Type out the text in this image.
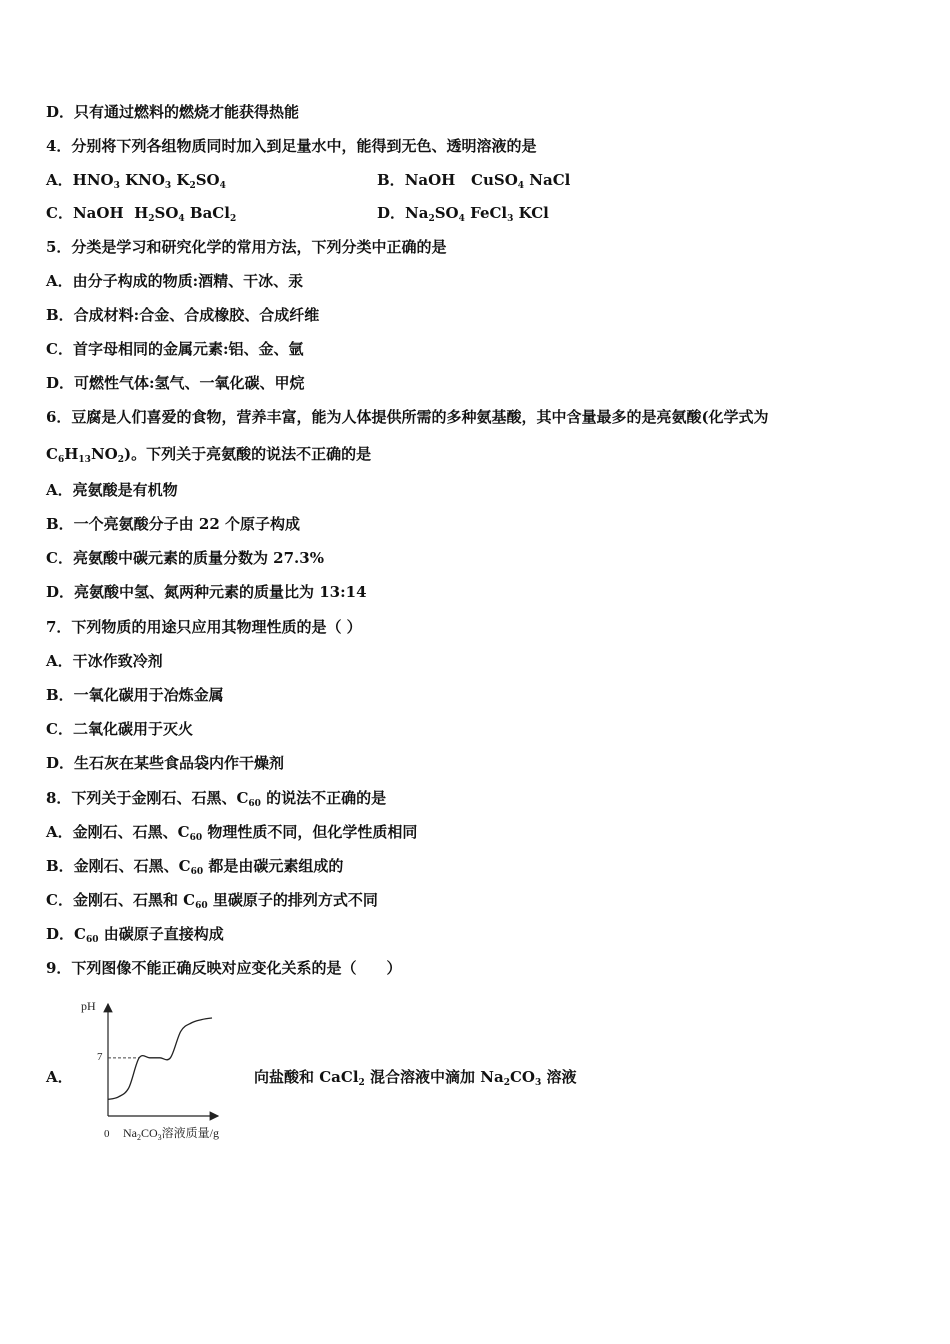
D．只有通过燃料的燃烧才能获得热能
4．分别将下列各组物质同时加入到足量水中，能得到无色、透明溶液的是
A．$HNO_3$ $KNO_3$ $K_2SO_4$	B．NaOH   CuSO$_4$ NaCl
C．NaOH  $H_2SO_4$ BaCl$_2$	D．$Na_2SO_4$ FeCl$_3$ KCl
5．分类是学习和研究化学的常用方法，下列分类中正确的是
A．由分子构成的物质:酒精、干冰、汞
B．合成材料:合金、合成橡胶、合成纤维
C．首字母相同的金属元素:铝、金、氩
D．可燃性气体:氢气、一氧化碳、甲烷
6．豆腐是人们喜爱的食物，营养丰富，能为人体提供所需的多种氨基酸，其中含量最多的是亮氨酸(化学式为
$C_6H_{13}NO_2$)。下列关于亮氨酸的说法不正确的是
A．亮氨酸是有机物
B．一个亮氨酸分子由 22 个原子构成
C．亮氨酸中碳元素的质量分数为 27.3%
D．亮氨酸中氢、氮两种元素的质量比为 13:14
7．下列物质的用途只应用其物理性质的是（ ）
A．干冰作致冷剂
B．一氧化碳用于冶炼金属
C．二氧化碳用于灭火
D．生石灰在某些食品袋内作干燥剂
8．下列关于金刚石、石黑、$C_{60}$ 的说法不正确的是
A．金刚石、石黑、$C_{60}$ 物理性质不同，但化学性质相同
B．金刚石、石黑、$C_{60}$ 都是由碳元素组成的
C．金刚石、石黑和 $C_{60}$ 里碳原子的排列方式不同
D．$C_{60}$ 由碳原子直接构成
9．下列图像不能正确反映对应变化关系的是（　　）
A．	向盐酸和 CaCl$_2$ 混合溶液中滴加 $Na_2CO_3$ 溶液
pH
7
0 $Na_2CO_3$溶液质量/g
